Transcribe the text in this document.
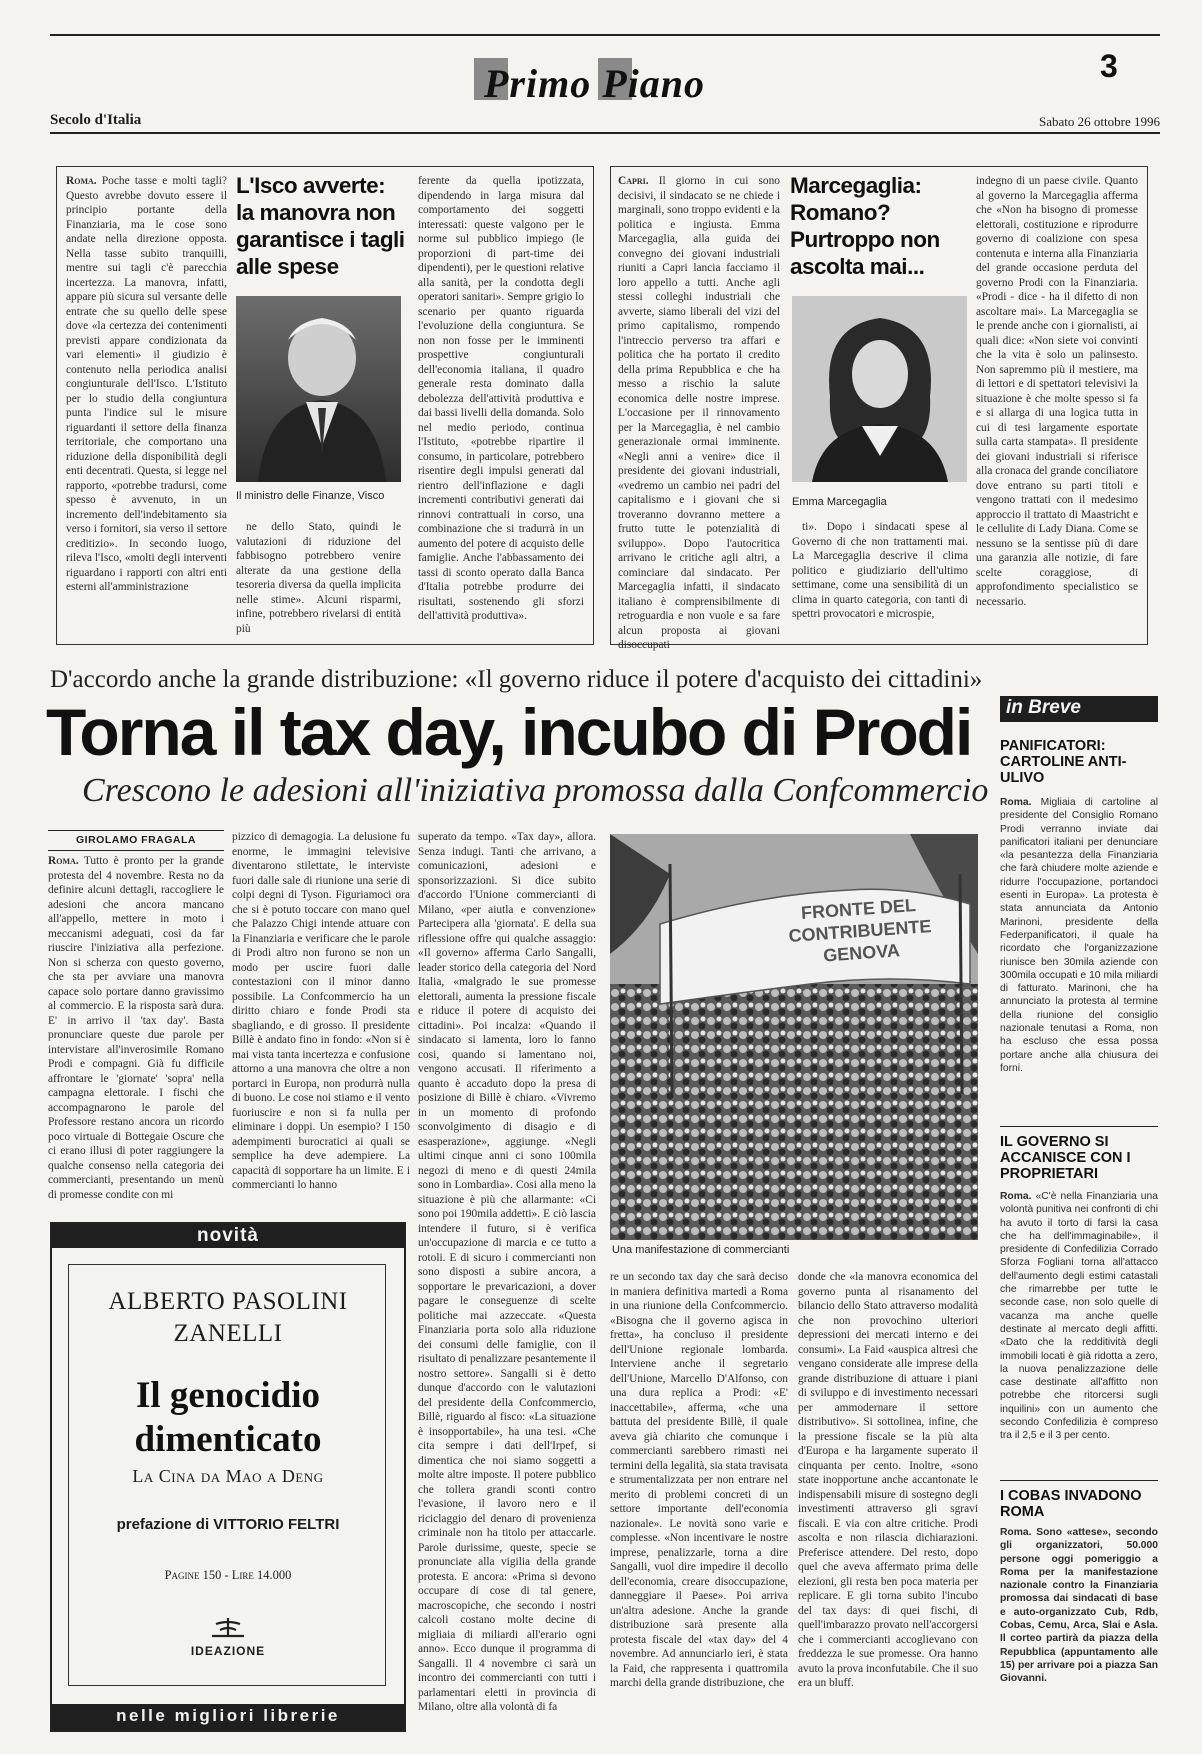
Primo Piano	3
Secolo d'Italia	Sabato 26 ottobre 1996

Roma. Poche tasse e molti tagli? Questo avrebbe dovuto essere il principio portante della Finanziaria, ma le cose sono andate nella direzione opposta. Nella tasse subito tranquilli, mentre sui tagli c'è parecchia incertezza. La manovra, infatti, appare più sicura sul versante delle entrate che su quello delle spese dove «la certezza dei contenimenti previsti appare condizionata da vari elementi» il giudizio è contenuto nella periodica analisi congiunturale dell'Isco. L'Istituto per lo studio della congiuntura punta l'indice sul le misure riguardanti il settore della finanza territoriale, che comportano una riduzione della disponibilità degli enti decentrati. Questa, si legge nel rapporto, «potrebbe tradursi, come spesso è avvenuto, in un incremento dell'indebitamento sia verso i fornitori, sia verso il settore creditizio». In secondo luogo, rileva l'Isco, «molti degli interventi riguardano i rapporti con altri enti esterni all'amministrazione

L'Isco avverte: la manovra non garantisce i tagli alle spese
Il ministro delle Finanze, Visco

ne dello Stato, quindi le valutazioni di riduzione del fabbisogno potrebbero venire alterate da una gestione della tesoreria diversa da quella implicita nelle stime». Alcuni risparmi, infine, potrebbero rivelarsi di entità più

ferente da quella ipotizzata, dipendendo in larga misura dal comportamento dei soggetti interessati: queste valgono per le norme sul pubblico impiego (le proporzioni di part-time dei dipendenti), per le questioni relative alla sanità, per la condotta degli operatori sanitari». Sempre grigio lo scenario per quanto riguarda l'evoluzione della congiuntura. Se non non fosse per le imminenti prospettive congiunturali dell'economia italiana, il quadro generale resta dominato dalla debolezza dell'attività produttiva e dai bassi livelli della domanda. Solo nel medio periodo, continua l'Istituto, «potrebbe ripartire il consumo, in particolare, potrebbero risentire degli impulsi generati dal rientro dell'inflazione e dagli incrementi contributivi generati dai rinnovi contrattuali in corso, una combinazione che si tradurrà in un aumento del potere di acquisto delle famiglie. Anche l'abbassamento dei tassi di sconto operato dalla Banca d'Italia potrebbe produrre dei risultati, sostenendo gli sforzi dell'attività produttiva».

Capri. Il giorno in cui sono decisivi, il sindacato se ne chiede i marginali, sono troppo evidenti e la politica e ingiusta. Emma Marcegaglia, alla guida dei convegno dei giovani industriali riuniti a Capri lancia facciamo il loro appello a tutti. Anche agli stessi colleghi industriali che avverte, siamo liberali del vizi del primo capitalismo, rompendo l'intreccio perverso tra affari e politica che ha portato il credito della prima Repubblica e che ha messo a rischio la salute economica delle nostre imprese. L'occasione per il rinnovamento per la Marcegaglia, è nel cambio generazionale ormai imminente. «Negli anni a venire» dice il presidente dei giovani industriali, «vedremo un cambio nei padri del capitalismo e i giovani che si troveranno dovranno mettere a frutto tutte le potenzialità di sviluppo». Dopo l'autocritica arrivano le critiche agli altri, a cominciare dal sindacato. Per Marcegaglia infatti, il sindacato italiano è comprensibilmente di retroguardia e non vuole e sa fare alcun proposta ai giovani disoccupati

Marcegaglia: Romano? Purtroppo non ascolta mai...
Emma Marcegaglia

ti». Dopo i sindacati spese al Governo di che non trattamenti mai. La Marcegaglia descrive il clima politico e giudiziario dell'ultimo settimane, come una sensibilità di un clima in quarto categoria, con tanti di spettri provocatori e microspie,

indegno di un paese civile. Quanto al governo la Marcegaglia afferma che «Non ha bisogno di promesse elettorali, costituzione e riprodurre governo di coalizione con spesa contenuta e interna alla Finanziaria del grande occasione perduta del governo Prodi con la Finanziaria. «Prodi - dice - ha il difetto di non ascoltare mai». La Marcegaglia se le prende anche con i giornalisti, ai quali dice: «Non siete voi convinti che la vita è solo un palinsesto. Non sapremmo più il mestiere, ma di lettori e di spettatori televisivi la situazione è che molte spesso si fa e si allarga di una logica tutta in cui di tesi largamente esportate sulla carta stampata». Il presidente dei giovani industriali si riferisce alla cronaca del grande conciliatore dove entrano su parti titoli e vengono trattati con il medesimo approccio il trattato di Maastricht e le cellulite di Lady Diana. Come se nessuno se la sentisse più di dare una garanzia alle notizie, di fare scelte coraggiose, di approfondimento specialistico se necessario.

D'accordo anche la grande distribuzione: «Il governo riduce il potere d'acquisto dei cittadini»
Torna il tax day, incubo di Prodi
Crescono le adesioni all'iniziativa promossa dalla Confcommercio
GIROLAMO FRAGALA

Roma. Tutto è pronto per la grande protesta del 4 novembre. Resta no da definire alcuni dettagli, raccogliere le adesioni che ancora mancano all'appello, mettere in moto i meccanismi adeguati, così da far riuscire l'iniziativa alla perfezione. Non si scherza con questo governo, che sta per avviare una manovra capace solo portare danno gravissimo al commercio. E la risposta sarà dura. E' in arrivo il 'tax day'. Basta pronunciare queste due parole per intervistare all'inverosimile Romano Prodi e compagni. Già fu difficile affrontare le 'giornate' 'sopra' nella campagna elettorale. I fischi che accompagnarono le parole del Professore restano ancora un ricordo poco virtuale di Bottegaie Oscure che ci erano illusi di poter raggiungere la qualche consenso nella categoria dei commercianti, presentando un menù di promesse condite con mi

pizzico di demagogia. La delusione fu enorme, le immagini televisive diventarono stilettate, le interviste fuori dalle sale di riunione una serie di colpi degni di Tyson. Figuriamoci ora che si è potuto toccare con mano quel che Palazzo Chigi intende attuare con la Finanziaria e verificare che le parole di Prodi altro non furono se non un modo per uscire fuori dalle contestazioni con il minor danno possibile. La Confcommercio ha un diritto chiaro e fonde Prodi sta sbagliando, e di grosso. Il presidente Billè è andato fino in fondo: «Non si è mai vista tanta incertezza e confusione attorno a una manovra che oltre a non portarci in Europa, non produrrà nulla di buono. Le cose noi stiamo e il vento fuoriuscire e non si fa nulla per eliminare i doppi. Un esempio? I 150 adempimenti burocratici ai quali se semplice ha deve adempiere. La capacità di sopportare ha un limite. E i commercianti lo hanno

superato da tempo. «Tax day», allora. Senza indugi. Tanti che arrivano, a comunicazioni, adesioni e sponsorizzazioni. Si dice subito d'accordo l'Unione commercianti di Milano, «per aiutla e convenzione» Partecipera alla 'giornata'. E della sua riflessione offre qui qualche assaggio: «Il governo» afferma Carlo Sangalli, leader storico della categoria del Nord Italia, «malgrado le sue promesse elettorali, aumenta la pressione fiscale e riduce il potere di acquisto dei cittadini». Poi incalza: «Quando il sindacato si lamenta, loro lo fanno cosi, quando si lamentano noi, vengono accusati. Il riferimento a quanto è accaduto dopo la presa di posizione di Billè è chiaro. «Vivremo in un momento di profondo sconvolgimento di disagio e di esasperazione», aggiunge. «Negli ultimi cinque anni ci sono 100mila negozi di meno e di questi 24mila sono in Lombardia». Cosi alla meno la situazione è più che allarmante: «Ci sono poi 190mila addetti». E ciò lascia intendere il futuro, si è verifica un'occupazione di marcia e ce tutto a rotoli. E di sicuro i commercianti non sono disposti a subire ancora, a sopportare le prevaricazioni, a dover pagare le conseguenze di scelte politiche mai azzeccate. «Questa Finanziaria porta solo alla riduzione dei consumi delle famiglie, con il risultato di penalizzare pesantemente il nostro settore». Sangalli si è detto dunque d'accordo con le valutazioni del presidente della Confcommercio, Billè, riguardo al fisco: «La situazione è insopportabile», ha una tesi. «Che cita sempre i dati dell'Irpef, si dimentica che noi siamo soggetti a molte altre imposte. Il potere pubblico che tollera grandi sconti contro l'evasione, il lavoro nero e il riciclaggio del denaro di provenienza criminale non ha titolo per attaccarle. Parole durissime, queste, specie se pronunciate alla vigilia della grande protesta. E ancora: «Prima si devono occupare di cose di tal genere, macroscopiche, che secondo i nostri calcoli costano molte decine di migliaia di miliardi all'erario ogni anno». Ecco dunque il programma di Sangalli. Il 4 novembre ci sarà un incontro dei commercianti con tutti i parlamentari eletti in provincia di Milano, oltre alla volontà di fa

FRONTE DEL CONTRIBUENTE GENOVA
Una manifestazione di commercianti

re un secondo tax day che sarà deciso in maniera definitiva martedì a Roma in una riunione della Confcommercio. «Bisogna che il governo agisca in fretta», ha concluso il presidente dell'Unione regionale lombarda. Interviene anche il segretario dell'Unione, Marcello D'Alfonso, con una dura replica a Prodi: «E' inaccettabile», afferma, «che una battuta del presidente Billè, il quale aveva già chiarito che comunque i commercianti sarebbero rimasti nei termini della legalità, sia stata travisata e strumentalizzata per non entrare nel merito di problemi concreti di un settore importante dell'economia nazionale». Le novità sono varie e complesse. «Non incentivare le nostre imprese, penalizzarle, torna a dire Sangalli, vuol dire impedire il decollo dell'economia, creare disoccupazione, danneggiare il Paese». Poi arriva un'altra adesione. Anche la grande distribuzione sarà presente alla protesta fiscale del «tax day» del 4 novembre. Ad annunciarlo ieri, è stata la Faid, che rappresenta i quattromila marchi della grande distribuzione, che

donde che «la manovra economica del governo punta al risanamento del bilancio dello Stato attraverso modalità che non provochino ulteriori depressioni dei mercati interno e dei consumi». La Faid «auspica altresì che vengano considerate alle imprese della grande distribuzione di attuare i piani di sviluppo e di investimento necessari per ammodernare il settore distributivo». Si sottolinea, infine, che la pressione fiscale se la più alta d'Europa e ha largamente superato il cinquanta per cento. Inoltre, «sono state inopportune anche accantonate le indispensabili misure di sostegno degli investimenti attraverso gli sgravi fiscali. E via con altre critiche. Prodi ascolta e non rilascia dichiarazioni. Preferisce attendere. Del resto, dopo quel che aveva affermato prima delle elezioni, gli resta ben poca materia per replicare. E gli torna subito l'incubo del tax days: di quei fischi, di quell'imbarazzo provato nell'accorgersi che i commercianti accoglievano con freddezza le sue promesse. Ora hanno avuto la prova inconfutabile. Che il suo era un bluff.

novità
ALBERTO PASOLINI ZANELLI
Il genocidio dimenticato
La Cina da Mao a Deng
prefazione di VITTORIO FELTRI
Pagine 150 - Lire 14.000
IDEAZIONE
nelle migliori librerie
in Breve
PANIFICATORI: CARTOLINE ANTI-ULIVO
Roma. Migliaia di cartoline al presidente del Consiglio Romano Prodi verranno inviate dai panificatori italiani per denunciare «la pesantezza della Finanziaria che farà chiudere molte aziende e ridurre l'occupazione, portandoci esenti in Europa». La protesta è stata annunciata da Antonio Marinoni, presidente della Federpanificatori, il quale ha ricordato che l'organizzazione riunisce ben 30mila aziende con 300mila occupati e 10 mila miliardi di fatturato. Marinoni, che ha annunciato la protesta al termine della riunione del consiglio nazionale tenutasi a Roma, non ha escluso che essa possa portare anche alla chiusura dei forni.
IL GOVERNO SI ACCANISCE CON I PROPRIETARI
Roma. «C'è nella Finanziaria una volontà punitiva nei confronti di chi ha avuto il torto di farsi la casa che ha dell'immaginabile», il presidente di Confedilizia Corrado Sforza Fogliani torna all'attacco dell'aumento degli estimi catastali che rimarrebbe per tutte le seconde case, non solo quelle di vacanza ma anche quelle destinate al mercato degli affitti. «Dato che la redditività degli immobili locati è già ridotta a zero, la nuova penalizzazione delle case destinate all'affitto non potrebbe che ritorcersi sugli inquilini» con un aumento che secondo Confedilizia è compreso tra il 2,5 e il 3 per cento.
I COBAS INVADONO ROMA
Roma. Sono «attese», secondo gli organizzatori, 50.000 persone oggi pomeriggio a Roma per la manifestazione nazionale contro la Finanziaria promossa dai sindacati di base e auto-organizzato Cub, Rdb, Cobas, Cemu, Arca, Slai e Asla. Il corteo partirà da piazza della Repubblica (appuntamento alle 15) per arrivare poi a piazza San Giovanni.
